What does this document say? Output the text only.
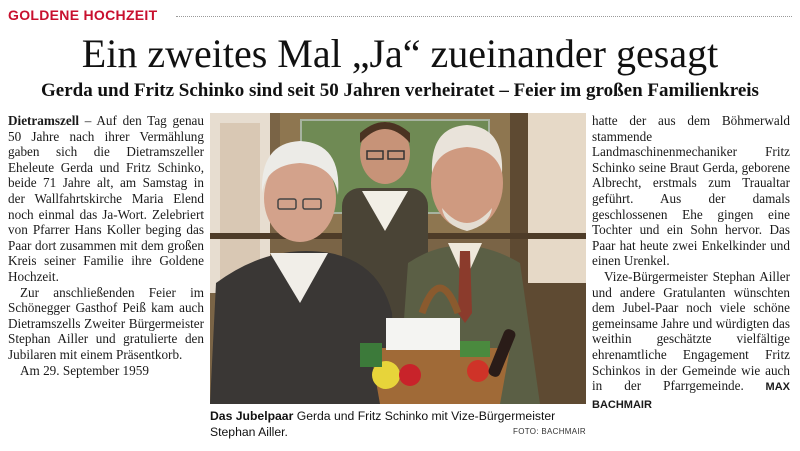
GOLDENE HOCHZEIT
Ein zweites Mal „Ja“ zueinander gesagt
Gerda und Fritz Schinko sind seit 50 Jahren verheiratet – Feier im großen Familienkreis

Dietramszell – Auf den Tag genau 50 Jahre nach ihrer Vermählung gaben sich die Dietramszeller Eheleute Gerda und Fritz Schinko, beide 71 Jahre alt, am Samstag in der Wallfahrtskirche Maria Elend noch einmal das Ja-Wort. Zelebriert von Pfarrer Hans Koller beging das Paar dort zusammen mit dem großen Kreis seiner Familie ihre Goldene Hochzeit.

Zur anschließenden Feier im Schönegger Gasthof Peiß kam auch Dietramszells Zweiter Bürgermeister Stephan Ailler und gratulierte den Jubilaren mit einem Präsentkorb.

Am 29. September 1959

Das Jubelpaar Gerda und Fritz Schinko mit Vize-Bürgermeister Stephan Ailler.	FOTO: BACHMAIR

hatte der aus dem Böhmerwald stammende Landmaschinenmechaniker Fritz Schinko seine Braut Gerda, geborene Albrecht, erstmals zum Traualtar geführt. Aus der damals geschlossenen Ehe gingen eine Tochter und ein Sohn hervor. Das Paar hat heute zwei Enkelkinder und einen Urenkel.

Vize-Bürgermeister Stephan Ailler und andere Gratulanten wünschten dem Jubel-Paar noch viele schöne gemeinsame Jahre und würdigten das weithin geschätzte vielfältige ehrenamtliche Engagement Fritz Schinkos in der Gemeinde wie auch in der Pfarrgemeinde. MAX BACHMAIR
